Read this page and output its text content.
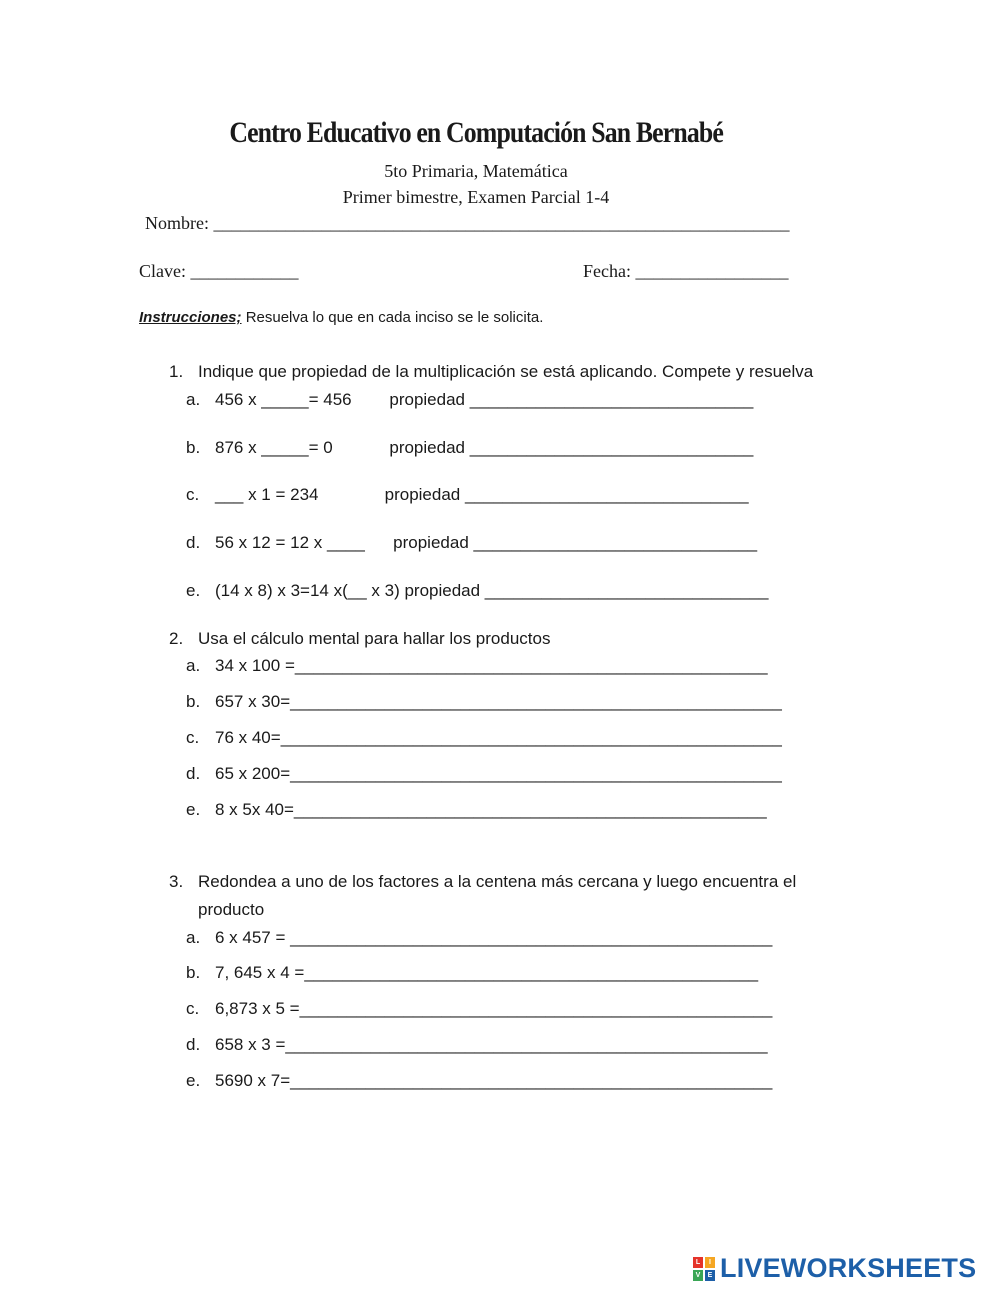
Centro Educativo en Computación San Bernabé
5to Primaria, Matemática
Primer bimestre, Examen Parcial 1-4
Nombre: ________________________________________________________________
Clave: ____________	Fecha: _________________
Instrucciones; Resuelva lo que en cada inciso se le solicita.
1. Indique que propiedad de la multiplicación se está aplicando. Compete y resuelva
a. 456 x _____= 456        propiedad ______________________________
b. 876 x _____= 0            propiedad ______________________________
c. ___ x 1 = 234              propiedad ______________________________
d. 56 x 12 = 12 x ____      propiedad ______________________________
e. (14 x 8) x 3=14 x(__ x 3) propiedad ______________________________
2. Usa el cálculo mental para hallar los productos
a. 34 x 100 =__________________________________________________
b. 657 x 30=____________________________________________________
c. 76 x 40=_____________________________________________________
d. 65 x 200=____________________________________________________
e. 8 x 5x 40=__________________________________________________
3. Redondea a uno de los factores a la centena más cercana y luego encuentra el
producto
a. 6 x 457 = ___________________________________________________
b. 7, 645 x 4 =________________________________________________
c. 6,873 x 5 =__________________________________________________
d. 658 x 3 =___________________________________________________
e. 5690 x 7=___________________________________________________
L	I
V	E LIVEWORKSHEETS
